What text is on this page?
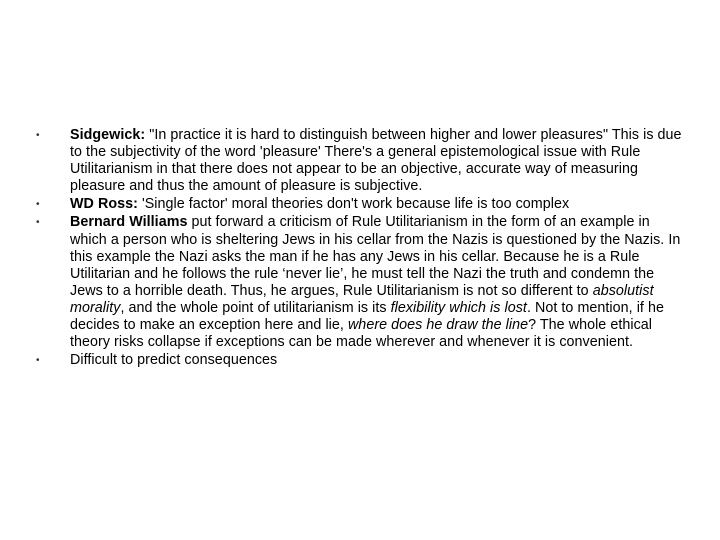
• Sidgewick: "In practice it is hard to distinguish between higher and lower pleasures" This is due to the subjectivity of the word 'pleasure' There's a general epistemological issue with Rule Utilitarianism in that there does not appear to be an objective, accurate way of measuring pleasure and thus the amount of pleasure is subjective.
• WD Ross: 'Single factor' moral theories don't work because life is too complex
• Bernard Williams put forward a criticism of Rule Utilitarianism in the form of an example in which a person who is sheltering Jews in his cellar from the Nazis is questioned by the Nazis. In this example the Nazi asks the man if he has any Jews in his cellar. Because he is a Rule Utilitarian and he follows the rule ‘never lie’, he must tell the Nazi the truth and condemn the Jews to a horrible death. Thus, he argues, Rule Utilitarianism is not so different to absolutist morality, and the whole point of utilitarianism is its flexibility which is lost. Not to mention, if he decides to make an exception here and lie, where does he draw the line? The whole ethical theory risks collapse if exceptions can be made wherever and whenever it is convenient.
• Difficult to predict consequences
